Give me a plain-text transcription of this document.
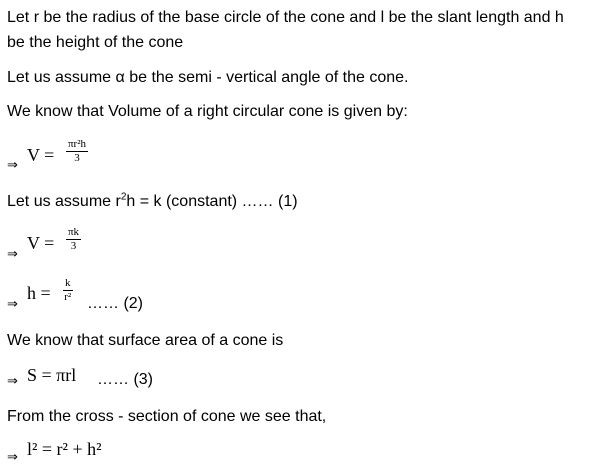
Let r be the radius of the base circle of the cone and l be the slant length and h
be the height of the cone
Let us assume α be the semi - vertical angle of the cone.
We know that Volume of a right circular cone is given by:
⇒
$V = \frac{\text{πr²h}}{3}$
Let us assume $r^2h = k$ (constant) …… (1)
⇒
$V = \frac{\pi k}{3}$
⇒
$h = \frac{k}{\text{r²}}$ …… (2)
We know that surface area of a cone is
⇒ S = πrl …… (3)
From the cross - section of cone we see that,
⇒ l² = r² + h²
